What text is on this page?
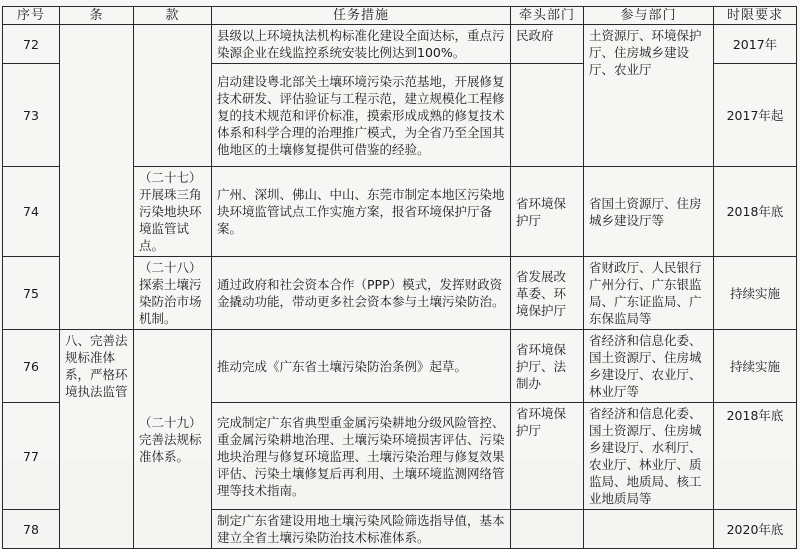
序号	条	款	任务措施	牵头部门	参与部门	时限要求
72			县级以上环境执法机构标准化建设全面达标，重点污染源企业在线监控系统安装比例达到100%。	民政府	土资源厅、环境保护厅、住房城乡建设厅、农业厅	2017年
73			启动建设粤北部关土壤环境污染示范基地，开展修复技术研发、评估验证与工程示范，建立规模化工程修复的技术规范和评价标准，摸索形成成熟的修复技术体系和科学合理的治理推广模式，为全省乃至全国其他地区的土壤修复提供可借鉴的经验。			2017年起
74		（二十七）开展珠三角污染地块环境监管试点。	广州、深圳、佛山、中山、东莞市制定本地区污染地块环境监管试点工作实施方案，报省环境保护厅备案。	省环境保护厅	省国土资源厅、住房城乡建设厅等	2018年底
75		（二十八）探索土壤污染防治市场机制。	通过政府和社会资本合作（PPP）模式，发挥财政资金撬动功能，带动更多社会资本参与土壤污染防治。	省发展改革委、环境保护厅	省财政厅、人民银行广州分行、广东银监局、广东证监局、广东保监局等	持续实施
76	八、完善法规标准体系，严格环境执法监管	（二十九）完善法规标准体系。	推动完成《广东省土壤污染防治条例》起草。	省环境保护厅、法制办	省经济和信息化委、国土资源厅、住房城乡建设厅、农业厅、林业厅等	持续实施
77			完成制定广东省典型重金属污染耕地分级风险管控、重金属污染耕地治理、土壤污染环境损害评估、污染地块治理与修复环境监理、土壤污染治理与修复效果评估、污染土壤修复后再利用、土壤环境监测网络管理等技术指南。	省环境保护厅	省经济和信息化委、国土资源厅、住房城乡建设厅、水利厅、农业厅、林业厅、质监局、地质局、核工业地质局等	2018年底
78			制定广东省建设用地土壤污染风险筛选指导值，基本建立全省土壤污染防治技术标准体系。			2020年底
